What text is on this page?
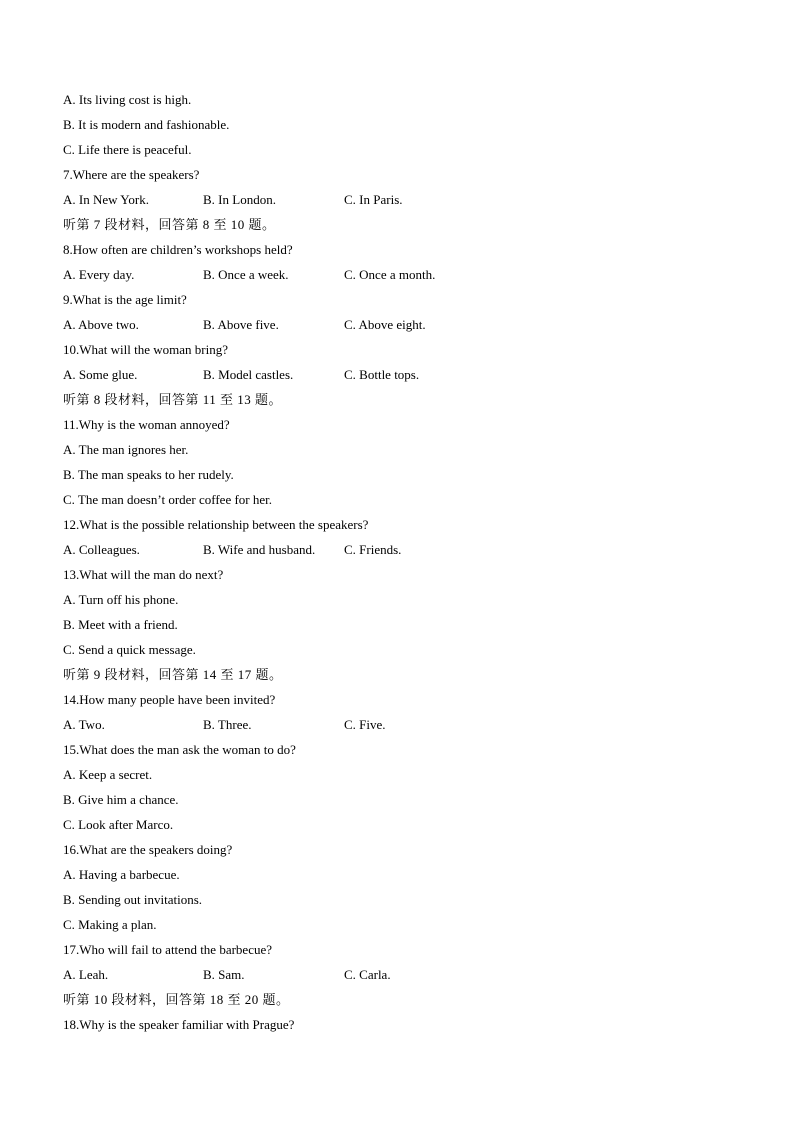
A. Its living cost is high.
B. It is modern and fashionable.
C. Life there is peaceful.
7.Where are the speakers?
A. In New York.	B. In London.	C. In Paris.
听第 7 段材料，回答第 8 至 10 题。
8.How often are children’s workshops held?
A. Every day.	B. Once a week.	C. Once a month.
9.What is the age limit?
A. Above two.	B. Above five.	C. Above eight.
10.What will the woman bring?
A. Some glue.	B. Model castles.	C. Bottle tops.
听第 8 段材料，回答第 11 至 13 题。
11.Why is the woman annoyed?
A. The man ignores her.
B. The man speaks to her rudely.
C. The man doesn’t order coffee for her.
12.What is the possible relationship between the speakers?
A. Colleagues.	B. Wife and husband. C. Friends.
13.What will the man do next?
A. Turn off his phone.
B. Meet with a friend.
C. Send a quick message.
听第 9 段材料，回答第 14 至 17 题。
14.How many people have been invited?
A. Two.	B. Three.	C. Five.
15.What does the man ask the woman to do?
A. Keep a secret.
B. Give him a chance.
C. Look after Marco.
16.What are the speakers doing?
A. Having a barbecue.
B. Sending out invitations.
C. Making a plan.
17.Who will fail to attend the barbecue?
A. Leah.	B. Sam.	C. Carla.
听第 10 段材料，回答第 18 至 20 题。
18.Why is the speaker familiar with Prague?
